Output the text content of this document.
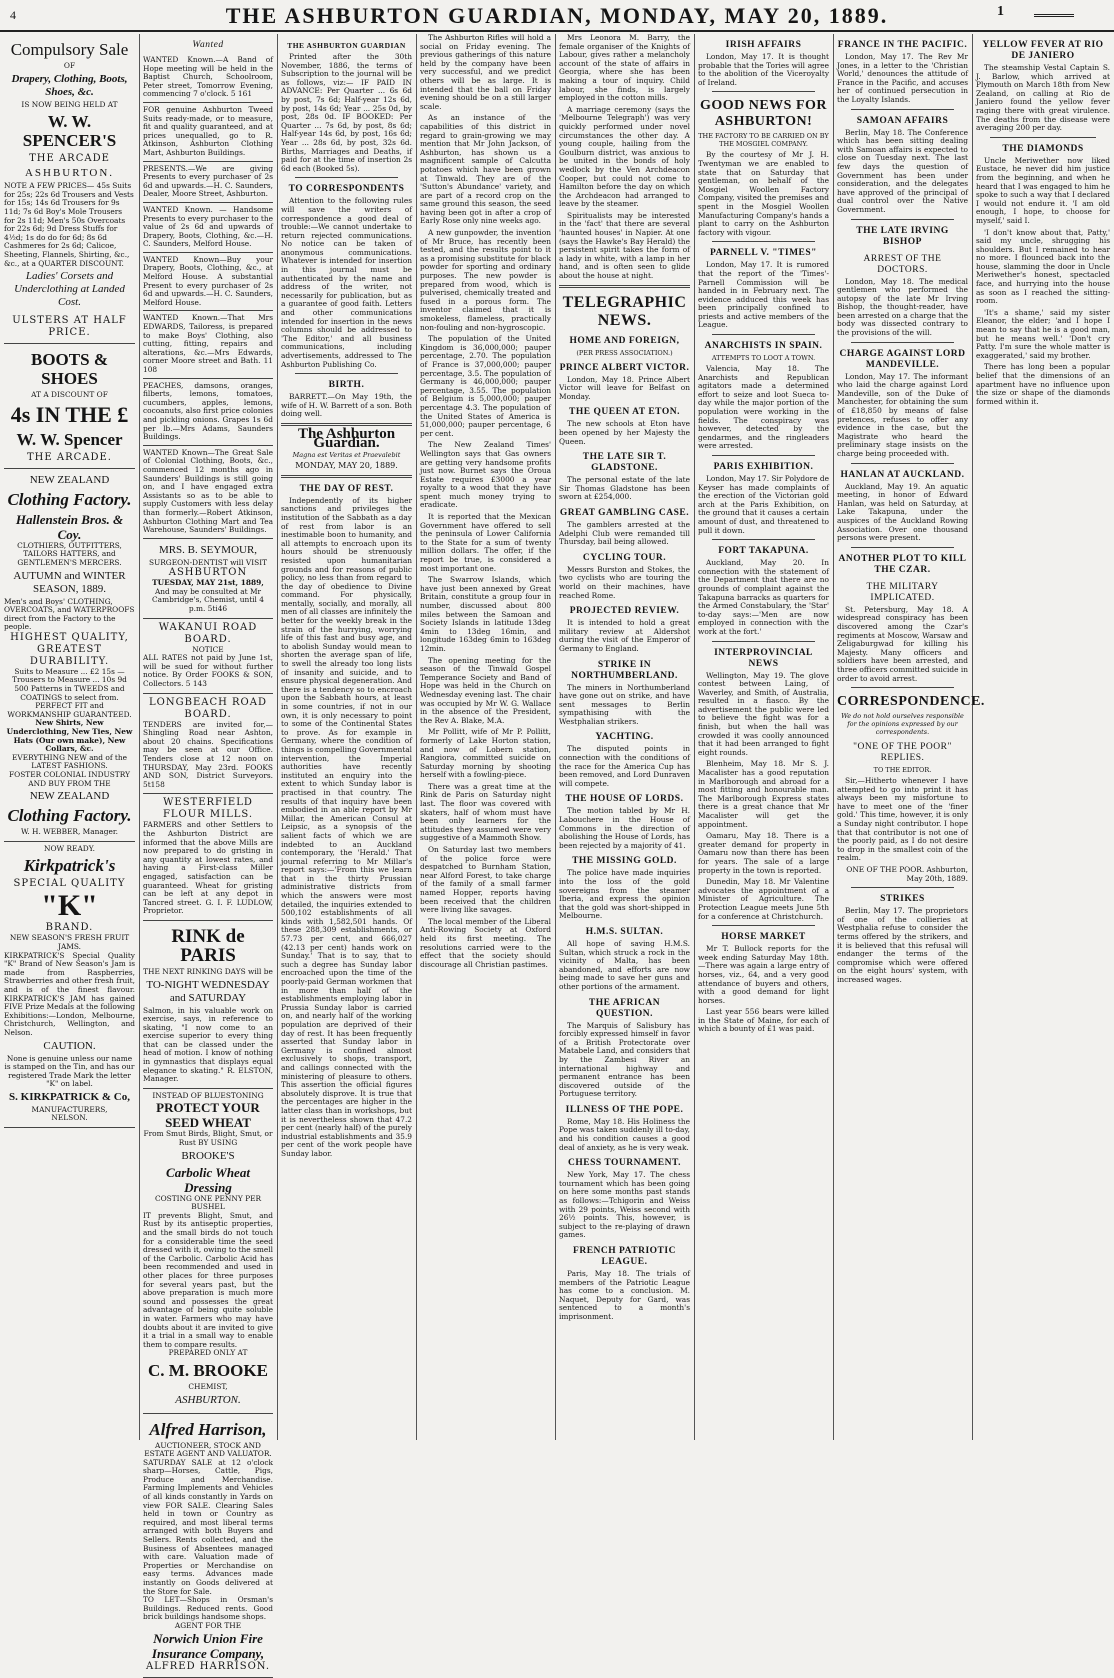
4	THE ASHBURTON GUARDIAN, MONDAY, MAY 20, 1889.	1
Compulsory Sale
OF
Drapery, Clothing, Boots, Shoes, &c.
IS NOW BEING HELD AT
W. W. SPENCER'S
THE ARCADE
ASHBURTON.
NOTE A FEW PRICES— 45s Suits for 25s; 22s 6d Trousers and Vests for 15s; 14s 6d Trousers for 9s 11d; 7s 6d Boy's Mole Trousers for 2s 11d; Men's 50s Overcoats for 22s 6d; 9d Dress Stuffs for 4½d; 1s do do for 6d; 8s 6d Cashmeres for 2s 6d; Calicoe, Sheeting, Flannels, Shirting, &c., &c., at a QUARTER DISCOUNT.
Ladies' Corsets and Underclothing at Landed Cost.
ULSTERS AT HALF PRICE.
BOOTS & SHOES
AT A DISCOUNT OF
4s IN THE £
W. W. Spencer
THE ARCADE.
NEW ZEALAND
Clothing Factory.
Hallenstein Bros. & Coy.
CLOTHIERS, OUTFITTERS, TAILORS HATTERS, and GENTLEMEN'S MERCERS.
AUTUMN and WINTER SEASON, 1889.
Men's and Boys' CLOTHING, OVERCOATS, and WATERPROOFS direct from the Factory to the people.
HIGHEST QUALITY, GREATEST DURABILITY.
Suits to Measure ... £2 15s — Trousers to Measure ... 10s 9d
500 Patterns in TWEEDS and COATINGS to select from. PERFECT FIT and WORKMANSHIP GUARANTEED.
New Shirts, New Underclothing, New Ties, New Hats (Our own make), New Collars, &c.
EVERYTHING NEW and of the LATEST FASHIONS.
FOSTER COLONIAL INDUSTRY AND BUY FROM THE
NEW ZEALAND
Clothing Factory.
W. H. WEBBER, Manager.
NOW READY.
Kirkpatrick's
SPECIAL QUALITY
"K"
BRAND.
NEW SEASON'S FRESH FRUIT JAMS.
KIRKPATRICK'S Special Quality "K" Brand of New Season's Jam is made from Raspberries, Strawberries and other fresh fruit, and is of the finest flavour. KIRKPATRICK'S JAM has gained FIVE Prize Medals at the following Exhibitions:—London, Melbourne, Christchurch, Wellington, and Nelson.
CAUTION.
None is genuine unless our name is stamped on the Tin, and has our registered Trade Mark the letter "K" on label.
S. KIRKPATRICK & Co,
MANUFACTURERS,
NELSON.
Wanted
WANTED Known.—A Band of Hope meeting will be held in the Baptist Church, Schoolroom, Peter street, Tomorrow Evening, commencing 7 o'clock. 5 161
FOR genuine Ashburton Tweed Suits ready-made, or to measure, fit and quality guaranteed, and at prices unequalled, go to R. Atkinson, Ashburton Clothing Mart, Ashburton Buildings.
PRESENTS.—We are giving Presents to every purchaser of 2s 6d and upwards.—H. C. Saunders, Dealer, Moore Street, Ashburton.
WANTED Known. — Handsome Presents to every purchaser to the value of 2s 6d and upwards of Drapery, Boots, Clothing, &c.—H. C. Saunders, Melford House.
WANTED Known—Buy your Drapery, Boots, Clothing, &c., at Melford House. A substantial Present to every purchaser of 2s 6d and upwards.—H. C. Saunders, Melford House.
WANTED Known.—That Mrs EDWARDS, Tailoress, is prepared to make Boys' Clothing, also cutting, fitting, repairs and alterations, &c.—Mrs Edwards, corner Moore street and Bath. 11 108
PEACHES, damsons, oranges, filberts, lemons, tomatoes, cucumbers, apples, lemons, cocoanuts, also first price colonies and pickling onions. Grapes 1s 6d per lb.—Mrs Adams, Saunders Buildings.
WANTED Known—The Great Sale of Colonial Clothing, Boots, &c., commenced 12 months ago in Saunders' Buildings is still going on, and I have engaged extra Assistants so as to be able to supply Customers with less delay than formerly.—Robert Atkinson, Ashburton Clothing Mart and Tea Warehouse, Saunders' Buildings.
MRS. B. SEYMOUR,
SURGEON-DENTIST will VISIT
ASHBURTON
TUESDAY, MAY 21st, 1889,
And may be consulted at Mr Cambridge's, Chemist, until 4 p.m. 5ti46
WAKANUI ROAD BOARD.
NOTICE
ALL RATES not paid by June 1st, will be sued for without further notice. By Order FOOKS & SON, Collectors. 5 143
LONGBEACH ROAD BOARD.
TENDERS are invited for,— Shingling Road near Ashton, about 20 chains. Specifications may be seen at our Office. Tenders close at 12 noon on THURSDAY, May 23rd. FOOKS AND SON, District Surveyors. 5t158
WESTERFIELD FLOUR MILLS.
FARMERS and other Settlers to the Ashburton District are informed that the above Mills are now prepared to do gristing in any quantity at lowest rates, and having a First-class Miller engaged, satisfaction can be guaranteed. Wheat for gristing can be left at any depot in Tancred street. G. I. F. LUDLOW, Proprietor.
RINK de PARIS
THE NEXT RINKING DAYS will be
TO-NIGHT WEDNESDAY and SATURDAY
Salmon, in his valuable work on exercise, says, in reference to skating, "I now come to an exercise superior to every thing that can be classed under the head of motion. I know of nothing in gymnastics that displays equal elegance to skating." R. ELSTON, Manager.
INSTEAD OF BLUESTONING
PROTECT YOUR SEED WHEAT
From Smut Birds, Blight, Smut, or Rust BY USING
BROOKE'S
Carbolic Wheat Dressing
COSTING ONE PENNY PER BUSHEL
IT prevents Blight, Smut, and Rust by its antiseptic properties, and the small birds do not touch for a considerable time the seed dressed with it, owing to the smell of the Carbolic. Carbolic Acid has been recommended and used in other places for three purposes for several years past, but the above preparation is much more sound and possesses the great advantage of being quite soluble in water. Farmers who may have doubts about it are invited to give it a trial in a small way to enable them to compare results.
PREPARED ONLY AT
C. M. BROOKE
CHEMIST,
ASHBURTON.
Alfred Harrison,
AUCTIONEER, STOCK AND ESTATE AGENT AND VALUATOR.
SATURDAY SALE at 12 o'clock sharp—Horses, Cattle, Pigs, Produce and Merchandise. Farming Implements and Vehicles of all kinds constantly in Yards on view FOR SALE. Clearing Sales held in town or Country as required, and most liberal terms arranged with both Buyers and Sellers. Rents collected, and the Business of Absentees managed with care. Valuation made of Properties or Merchandise on easy terms. Advances made instantly on Goods delivered at the Store for Sale.
TO LET—Shops in Orsman's Buildings. Reduced rents. Good brick buildings handsome shops.
AGENT FOR THE
Norwich Union Fire Insurance Company,
ALFRED HARRISON.
THE ASHBURTON GUARDIAN

Printed after the 30th November, 1886, the terms of Subscription to the journal will be as follows, viz:— IF PAID IN ADVANCE: Per Quarter ... 6s 6d by post, 7s 6d; Half-year 12s 6d, by post, 14s 6d; Year ... 25s 0d, by post, 28s 0d. IF BOOKED: Per Quarter ... 7s 6d, by post, 8s 6d; Half-year 14s 6d, by post, 16s 6d; Year ... 28s 6d, by post, 32s 6d. Births, Marriages and Deaths, if paid for at the time of insertion 2s 6d each (Booked 5s).

TO CORRESPONDENTS

Attention to the following rules will save the writers of correspondence a good deal of trouble:—We cannot undertake to return rejected communications. No notice can be taken of anonymous communications. Whatever is intended for insertion in this journal must be authenticated by the name and address of the writer, not necessarily for publication, but as a guarantee of good faith. Letters and other communications intended for insertion in the news columns should be addressed to 'The Editor,' and all business communications, including advertisements, addressed to The Ashburton Publishing Co.

BIRTH.

BARRETT.—On May 19th, the wife of H. W. Barrett of a son. Both doing well.

The Ashburton Guardian.
Magna est Veritas et Praevalebit
MONDAY, MAY 20, 1889.
THE DAY OF REST.

Independently of its higher sanctions and privileges the institution of the Sabbath as a day of rest from labor is an inestimable boon to humanity, and all attempts to encroach upon its hours should be strenuously resisted upon humanitarian grounds and for reasons of public policy, no less than from regard to the day of obedience to Divine command. For physically, mentally, socially, and morally, all men of all classes are infinitely the better for the weekly break in the strain of the hurrying, worrying life of this fast and busy age, and to abolish Sunday would mean to shorten the average span of life, to swell the already too long lists of insanity and suicide, and to ensure physical degeneration. And there is a tendency so to encroach upon the Sabbath hours, at least in some countries, if not in our own, it is only necessary to point to some of the Continental States to prove. As for example in Germany, where the condition of things is compelling Governmental intervention, the Imperial authorities have recently instituted an enquiry into the extent to which Sunday labor is practised in that country. The results of that inquiry have been embodied in an able report by Mr Millar, the American Consul at Leipsic, as a synopsis of the salient facts of which we are indebted to an Auckland contemporary, the 'Herald.' That journal referring to Mr Millar's report says:—'From this we learn that in the thirty Prussian administrative districts from which the answers were most detailed, the inquiries extended to 500,102 establishments of all kinds with 1,582,501 hands. Of these 288,309 establishments, or 57.73 per cent, and 666,027 (42.13 per cent) hands work on Sunday.' That is to say, that to such a degree has Sunday labor encroached upon the time of the poorly-paid German workmen that in more than half of the establishments employing labor in Prussia Sunday labor is carried on, and nearly half of the working population are deprived of their day of rest. It has been frequently asserted that Sunday labor in Germany is confined almost exclusively to shops, transport, and callings connected with the ministering of pleasure to others. This assertion the official figures absolutely disprove. It is true that the percentages are higher in the latter class than in workshops, but it is nevertheless shown that 47.2 per cent (nearly half) of the purely industrial establishments and 35.9 per cent of the work people have Sunday labor.

The Ashburton Rifles will hold a social on Friday evening. The previous gatherings of this nature held by the company have been very successful, and we predict others will be as large. It is intended that the ball on Friday evening should be on a still larger scale.

As an instance of the capabilities of this district in regard to grain-growing we may mention that Mr John Jackson, of Ashburton, has shown us a magnificent sample of Calcutta potatoes which have been grown at Tinwald. They are of the 'Sutton's Abundance' variety, and are part of a record crop on the same ground this season, the seed having been got in after a crop of Early Rose only nine weeks ago.

A new gunpowder, the invention of Mr Bruce, has recently been tested, and the results point to it as a promising substitute for black powder for sporting and ordinary purposes. The new powder is prepared from wood, which is pulverised, chemically treated and fused in a porous form. The inventor claimed that it is smokeless, flameless, practically non-fouling and non-hygroscopic.

The population of the United Kingdom is 36,000,000; pauper percentage, 2.70. The population of France is 37,000,000; pauper percentage, 3.5. The population of Germany is 46,000,000; pauper percentage, 3.55. The population of Belgium is 5,000,000; pauper percentage 4.3. The population of the United States of America is 51,000,000; pauper percentage, 6 per cent.

The New Zealand Times' Wellington says that Gas owners are getting very handsome profits just now. Burnet says the Oroua Estate requires £3000 a year royalty to a wood that they have spent much money trying to eradicate.

It is reported that the Mexican Government have offered to sell the peninsula of Lower California to the State for a sum of twenty million dollars. The offer, if the report be true, is considered a most important one.

The Swarrow Islands, which have just been annexed by Great Britain, constitute a group four in number, discussed about 800 miles between the Samoan and Society Islands in latitude 13deg 4min to 13deg 16min, and longitude 163deg 6min to 163deg 12min.

The opening meeting for the season of the Tinwald Gospel Temperance Society and Band of Hope was held in the Church on Wednesday evening last. The chair was occupied by Mr W. G. Wallace in the absence of the President, the Rev A. Blake, M.A.

Mr Pollitt, wife of Mr P. Pollitt, formerly of Lake Horton station, and now of Lobern station, Rangiora, committed suicide on Saturday morning by shooting herself with a fowling-piece.

There was a great time at the Rink de Paris on Saturday night last. The floor was covered with skaters, half of whom must have been only learners for the attitudes they assumed were very suggestive of a Mammoth Show.

On Saturday last two members of the police force were despatched to Burnham Station, near Alford Forest, to take charge of the family of a small farmer named Hopper, reports having been received that the children were living like savages.

The local member of the Liberal Anti-Rowing Society at Oxford held its first meeting. The resolutions carried were to the effect that the society should discourage all Christian pastimes.

Mrs Leonora M. Barry, the female organiser of the Knights of Labour, gives rather a melancholy account of the state of affairs in Georgia, where she has been making a tour of inquiry. Child labour, she finds, is largely employed in the cotton mills.

A marriage ceremony (says the 'Melbourne Telegraph') was very quickly performed under novel circumstances the other day. A young couple, hailing from the Goulburn district, was anxious to be united in the bonds of holy wedlock by the Ven Archdeacon Cooper, but could not come to Hamilton before the day on which the Archdeacon had arranged to leave by the steamer.

Spiritualists may be interested in the 'fact' that there are several 'haunted houses' in Napier. At one (says the Hawke's Bay Herald) the persistent spirit takes the form of a lady in white, with a lamp in her hand, and is often seen to glide about the house at night.

TELEGRAPHIC NEWS.
HOME AND FOREIGN,
(PER PRESS ASSOCIATION.)
PRINCE ALBERT VICTOR.

London, May 18. Prince Albert Victor will leave for Belfast on Monday.

THE QUEEN AT ETON.

The new schools at Eton have been opened by her Majesty the Queen.

THE LATE SIR T. GLADSTONE.

The personal estate of the late Sir Thomas Gladstone has been sworn at £254,000.

GREAT GAMBLING CASE.

The gamblers arrested at the Adelphi Club were remanded till Thursday, bail being allowed.

CYCLING TOUR.

Messrs Burston and Stokes, the two cyclists who are touring the world on their machines, have reached Rome.

PROJECTED REVIEW.

It is intended to hold a great military review at Aldershot during the visit of the Emperor of Germany to England.

STRIKE IN NORTHUMBERLAND.

The miners in Northumberland have gone out on strike, and have sent messages to Berlin sympathising with the Westphalian strikers.

YACHTING.

The disputed points in connection with the conditions of the race for the America Cup has been removed, and Lord Dunraven will compete.

THE HOUSE OF LORDS.

The motion tabled by Mr H. Labouchere in the House of Commons in the direction of abolishing the House of Lords, has been rejected by a majority of 41.

THE MISSING GOLD.

The police have made inquiries into the loss of the gold sovereigns from the steamer Iberia, and express the opinion that the gold was short-shipped in Melbourne.

H.M.S. SULTAN.

All hope of saving H.M.S. Sultan, which struck a rock in the vicinity of Malta, has been abandoned, and efforts are now being made to save her guns and other portions of the armament.

THE AFRICAN QUESTION.

The Marquis of Salisbury has forcibly expressed himself in favor of a British Protectorate over Matabele Land, and considers that by the Zambesi River an international highway and permanent entrance has been discovered outside of the Portuguese territory.

ILLNESS OF THE POPE.

Rome, May 18. His Holiness the Pope was taken suddenly ill to-day, and his condition causes a good deal of anxiety, as he is very weak.

CHESS TOURNAMENT.

New York, May 17. The chess tournament which has been going on here some months past stands as follows:—Tchigorin and Weiss with 29 points, Weiss second with 26½ points. This, however, is subject to the re-playing of drawn games.

FRENCH PATRIOTIC LEAGUE.

Paris, May 18. The trials of members of the Patriotic League has come to a conclusion. M. Naquet, Deputy for Gard, was sentenced to a month's imprisonment.

IRISH AFFAIRS

London, May 17. It is thought probable that the Tories will agree to the abolition of the Viceroyalty of Ireland.

GOOD NEWS FOR ASHBURTON!
THE FACTORY TO BE CARRIED ON BY THE MOSGIEL COMPANY.

By the courtesy of Mr J. H. Twentyman we are enabled to state that on Saturday that gentleman, on behalf of the Mosgiel Woollen Factory Company, visited the premises and spent in the Mosgiel Woollen Manufacturing Company's hands a plant to carry on the Ashburton factory with vigour.

PARNELL V. "TIMES"

London, May 17. It is rumored that the report of the 'Times'-Parnell Commission will be handed in in February next. The evidence adduced this week has been principally confined to priests and active members of the League.

ANARCHISTS IN SPAIN.
ATTEMPTS TO LOOT A TOWN.

Valencia, May 18. The Anarchists and Republican agitators made a determined effort to seize and loot Sueca to-day while the major portion of the population were working in the fields. The conspiracy was however, detected by the gendarmes, and the ringleaders were arrested.

PARIS EXHIBITION.

London, May 17. Sir Polydore de Keyser has made complaints of the erection of the Victorian gold arch at the Paris Exhibition, on the ground that it causes a certain amount of dust, and threatened to pull it down.

FORT TAKAPUNA.

Auckland, May 20. In connection with the statement of the Department that there are no grounds of complaint against the Takapuna barracks as quarters for the Armed Constabulary, the 'Star' to-day says:—'Men are now employed in connection with the work at the fort.'

INTERPROVINCIAL NEWS

Wellington, May 19. The glove contest between Laing, of Waverley, and Smith, of Australia, resulted in a fiasco. By the advertisement the public were led to believe the fight was for a finish, but when the hall was crowded it was coolly announced that it had been arranged to fight eight rounds.

Blenheim, May 18. Mr S. J. Macalister has a good reputation in Marlborough and abroad for a most fitting and honourable man. The Marlborough Express states there is a great chance that Mr Macalister will get the appointment.

Oamaru, May 18. There is a greater demand for property in Oamaru now than there has been for years. The sale of a large property in the town is reported.

Dunedin, May 18. Mr Valentine advocates the appointment of a Minister of Agriculture. The Protection League meets June 5th for a conference at Christchurch.

HORSE MARKET

Mr T. Bullock reports for the week ending Saturday May 18th.—There was again a large entry of horses, viz., 64, and a very good attendance of buyers and others, with a good demand for light horses.

Last year 556 bears were killed in the State of Maine, for each of which a bounty of £1 was paid.

FRANCE IN THE PACIFIC.

London, May 17. The Rev Mr Jones, in a letter to the 'Christian World,' denounces the attitude of France in the Pacific, and accuses her of continued persecution in the Loyalty Islands.

SAMOAN AFFAIRS

Berlin, May 18. The Conference which has been sitting dealing with Samoan affairs is expected to close on Tuesday next. The last few days the question of Government has been under consideration, and the delegates have approved of the principal of dual control over the Native Government.

THE LATE IRVING BISHOP
ARREST OF THE DOCTORS.

London, May 18. The medical gentlemen who performed the autopsy of the late Mr Irving Bishop, the thought-reader, have been arrested on a charge that the body was dissected contrary to the provisions of the will.

CHARGE AGAINST LORD MANDEVILLE.

London, May 17. The informant who laid the charge against Lord Mandeville, son of the Duke of Manchester, for obtaining the sum of £18,850 by means of false pretences, refuses to offer any evidence in the case, but the Magistrate who heard the preliminary stage insists on the charge being proceeded with.

HANLAN AT AUCKLAND.

Auckland, May 19. An aquatic meeting, in honor of Edward Hanlan, was held on Saturday, at Lake Takapuna, under the auspices of the Auckland Rowing Association. Over one thousand persons were present.

ANOTHER PLOT TO KILL THE CZAR.
THE MILITARY IMPLICATED.

St. Petersburg, May 18. A widespread conspiracy has been discovered among the Czar's regiments at Moscow, Warsaw and Zeligaburgwad for killing his Majesty. Many officers and soldiers have been arrested, and three officers committed suicide in order to avoid arrest.

CORRESPONDENCE.
We do not hold ourselves responsible for the opinions expressed by our correspondents.
"ONE OF THE POOR" REPLIES.
TO THE EDITOR.

Sir,—Hitherto whenever I have attempted to go into print it has always been my misfortune to have to meet one of the 'finer gold.' This time, however, it is only a Sunday night contributor. I hope that that contributor is not one of the poorly paid, as I do not desire to drop in the smallest coin of the realm.

ONE OF THE POOR. Ashburton, May 20th, 1889.

STRIKES

Berlin, May 17. The proprietors of one of the collieries at Westphalia refuse to consider the terms offered by the strikers, and it is believed that this refusal will endanger the terms of the compromise which were offered on the eight hours' system, with increased wages.

YELLOW FEVER AT RIO DE JANIERO

The steamship Vestal Captain S. J. Barlow, which arrived at Plymouth on March 18th from New Zealand, on calling at Rio de Janiero found the yellow fever raging there with great virulence. The deaths from the disease were averaging 200 per day.

THE DIAMONDS

Uncle Meriwether now liked Eustace, he never did him justice from the beginning, and when he heard that I was engaged to him he spoke to such a way that I declared I would not endure it. 'I am old enough, I hope, to choose for myself,' said I.

'I don't know about that, Patty,' said my uncle, shrugging his shoulders. But I remained to hear no more. I flounced back into the house, slamming the door in Uncle Meriwether's honest, spectacled face, and hurrying into the house as soon as I reached the sitting-room.

'It's a shame,' said my sister Eleanor, the elder; 'and I hope I mean to say that he is a good man, but he means well.' 'Don't cry Patty. I'm sure the whole matter is exaggerated,' said my brother.

There has long been a popular belief that the dimensions of an apartment have no influence upon the size or shape of the diamonds formed within it.
